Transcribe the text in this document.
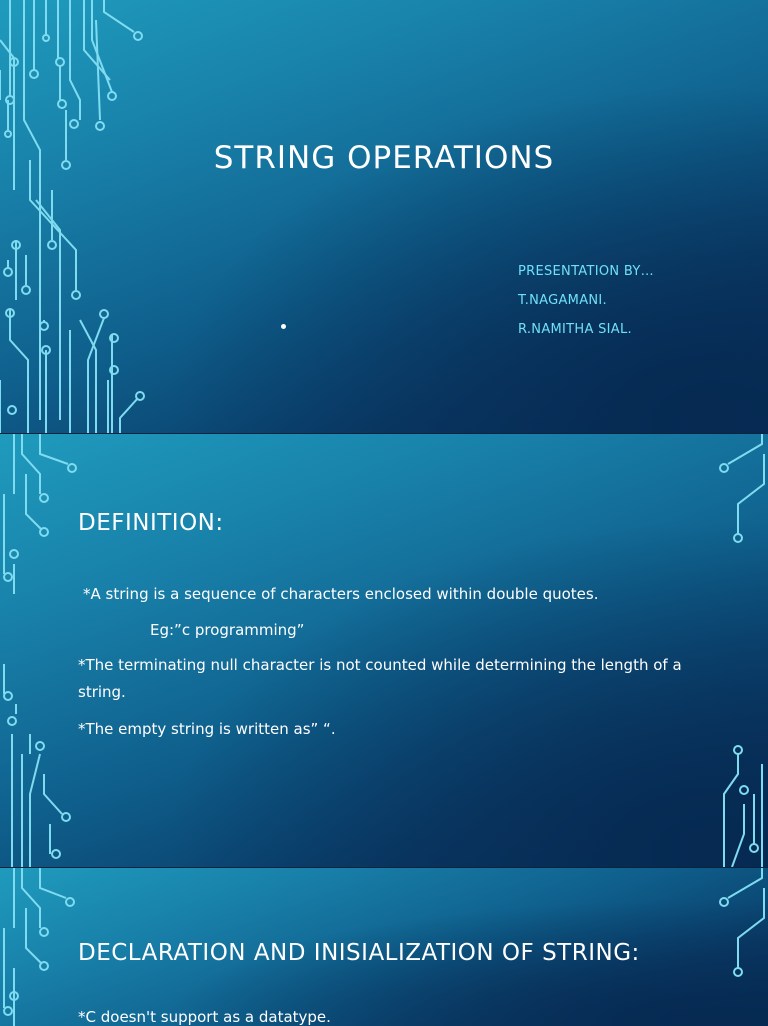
STRING OPERATIONS
PRESENTATION BY…
T.NAGAMANI.
R.NAMITHA SIAL.
DEFINITION:
*A string is a sequence of characters enclosed within double quotes.
Eg:”c programming”
*The terminating null character is not counted while determining the length of a
string.
*The empty string is written as” “.
DECLARATION AND INISIALIZATION OF STRING:
*C doesn't support as a datatype.
